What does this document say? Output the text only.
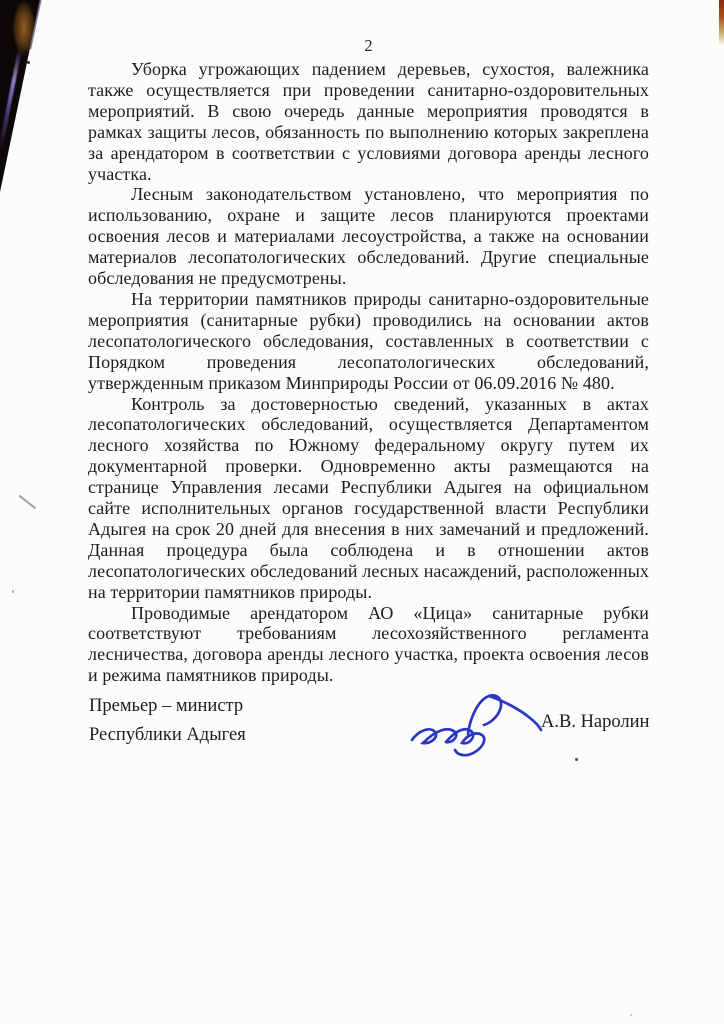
2

Уборка угрожающих падением деревьев, сухостоя, валежника также осуществляется при проведении санитарно-оздоровительных мероприятий. В свою очередь данные мероприятия проводятся в рамках защиты лесов, обязанность по выполнению которых закреплена за арендатором в соответствии с условиями договора аренды лесного участка.

Лесным законодательством установлено, что мероприятия по использованию, охране и защите лесов планируются проектами освоения лесов и материалами лесоустройства, а также на основании материалов лесопатологических обследований. Другие специальные обследования не предусмотрены.

На территории памятников природы санитарно-оздоровительные мероприятия (санитарные рубки) проводились на основании актов лесопатологического обследования, составленных в соответствии с Порядком проведения лесопатологических обследований, утвержденным приказом Минприроды России от 06.09.2016 № 480.

Контроль за достоверностью сведений, указанных в актах лесопатологических обследований, осуществляется Департаментом лесного хозяйства по Южному федеральному округу путем их документарной проверки. Одновременно акты размещаются на странице Управления лесами Республики Адыгея на официальном сайте исполнительных органов государственной власти Республики Адыгея на срок 20 дней для внесения в них замечаний и предложений. Данная процедура была соблюдена и в отношении актов лесопатологических обследований лесных насаждений, расположенных на территории памятников природы.

Проводимые арендатором АО «Цица» санитарные рубки соответствуют требованиям лесохозяйственного регламента лесничества, договора аренды лесного участка, проекта освоения лесов и режима памятников природы.

Премьер – министр
Республики Адыгея
А.В. Наролин
